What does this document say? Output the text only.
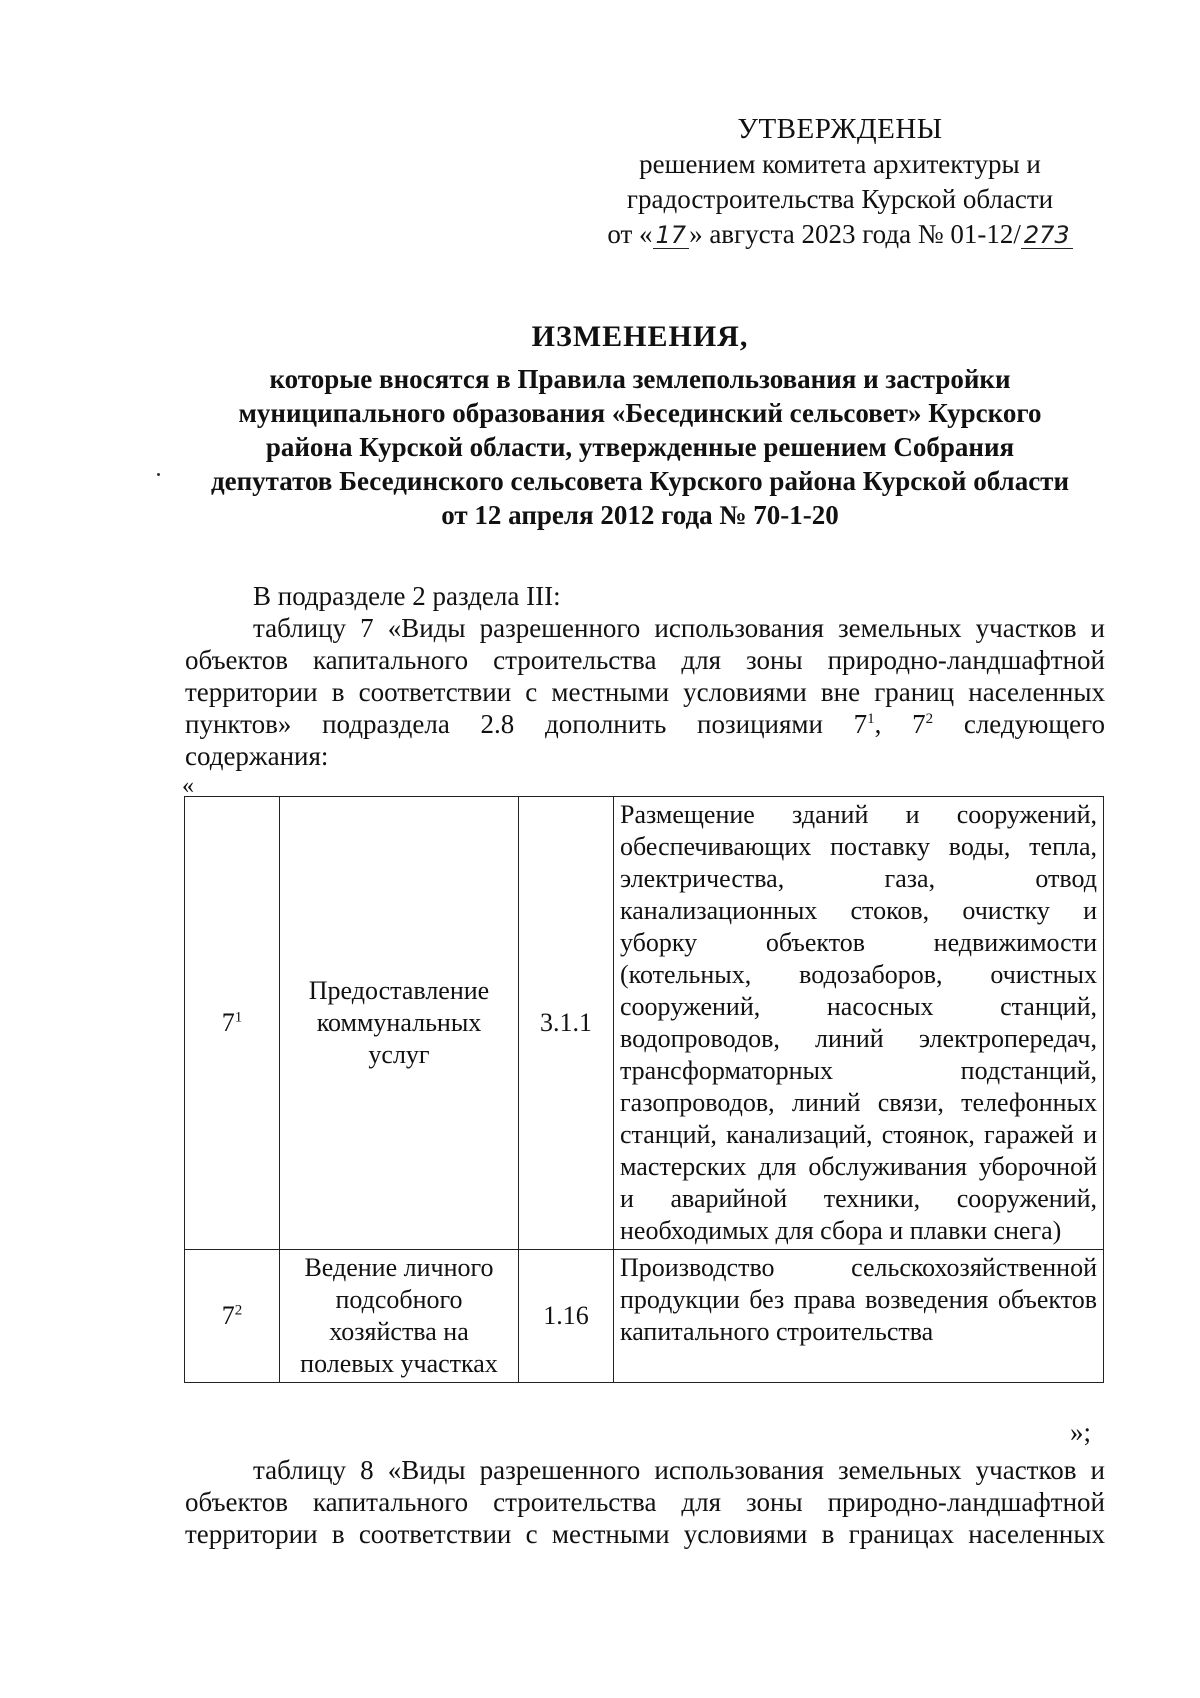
УТВЕРЖДЕНЫ
решением комитета архитектуры и
градостроительства Курской области
от « 17 » августа 2023 года № 01-12/ 273
ИЗМЕНЕНИЯ,
которые вносятся в Правила землепользования и застройки
муниципального образования «Бесединский сельсовет» Курского
района Курской области, утвержденные решением Собрания
депутатов Бесединского сельсовета Курского района Курской области
от 12 апреля 2012 года № 70-1-20
В подразделе 2 раздела III:
таблицу 7 «Виды разрешенного использования земельных участков и объектов капитального строительства для зоны природно-ландшафтной территории в соответствии с местными условиями вне границ населенных пунктов» подраздела 2.8 дополнить позициями $7^1$, $7^2$ следующего
содержания:
«
$7^1$	Предоставление коммунальных услуг	3.1.1	Размещение зданий и сооружений, обеспечивающих поставку воды, тепла, электричества, газа, отвод канализационных стоков, очистку и уборку объектов недвижимости (котельных, водозаборов, очистных сооружений, насосных станций, водопроводов, линий электропередач, трансформаторных подстанций, газопроводов, линий связи, телефонных станций, канализаций, стоянок, гаражей и мастерских для обслуживания уборочной и аварийной техники, сооружений, необходимых для сбора и плавки снега)
$7^2$	Ведение личного подсобного хозяйства на полевых участках	1.16	Производство сельскохозяйственной продукции без права возведения объектов капитального строительства
»;
таблицу 8 «Виды разрешенного использования земельных участков и объектов капитального строительства для зоны природно-ландшафтной территории в соответствии с местными условиями в границах населенных
